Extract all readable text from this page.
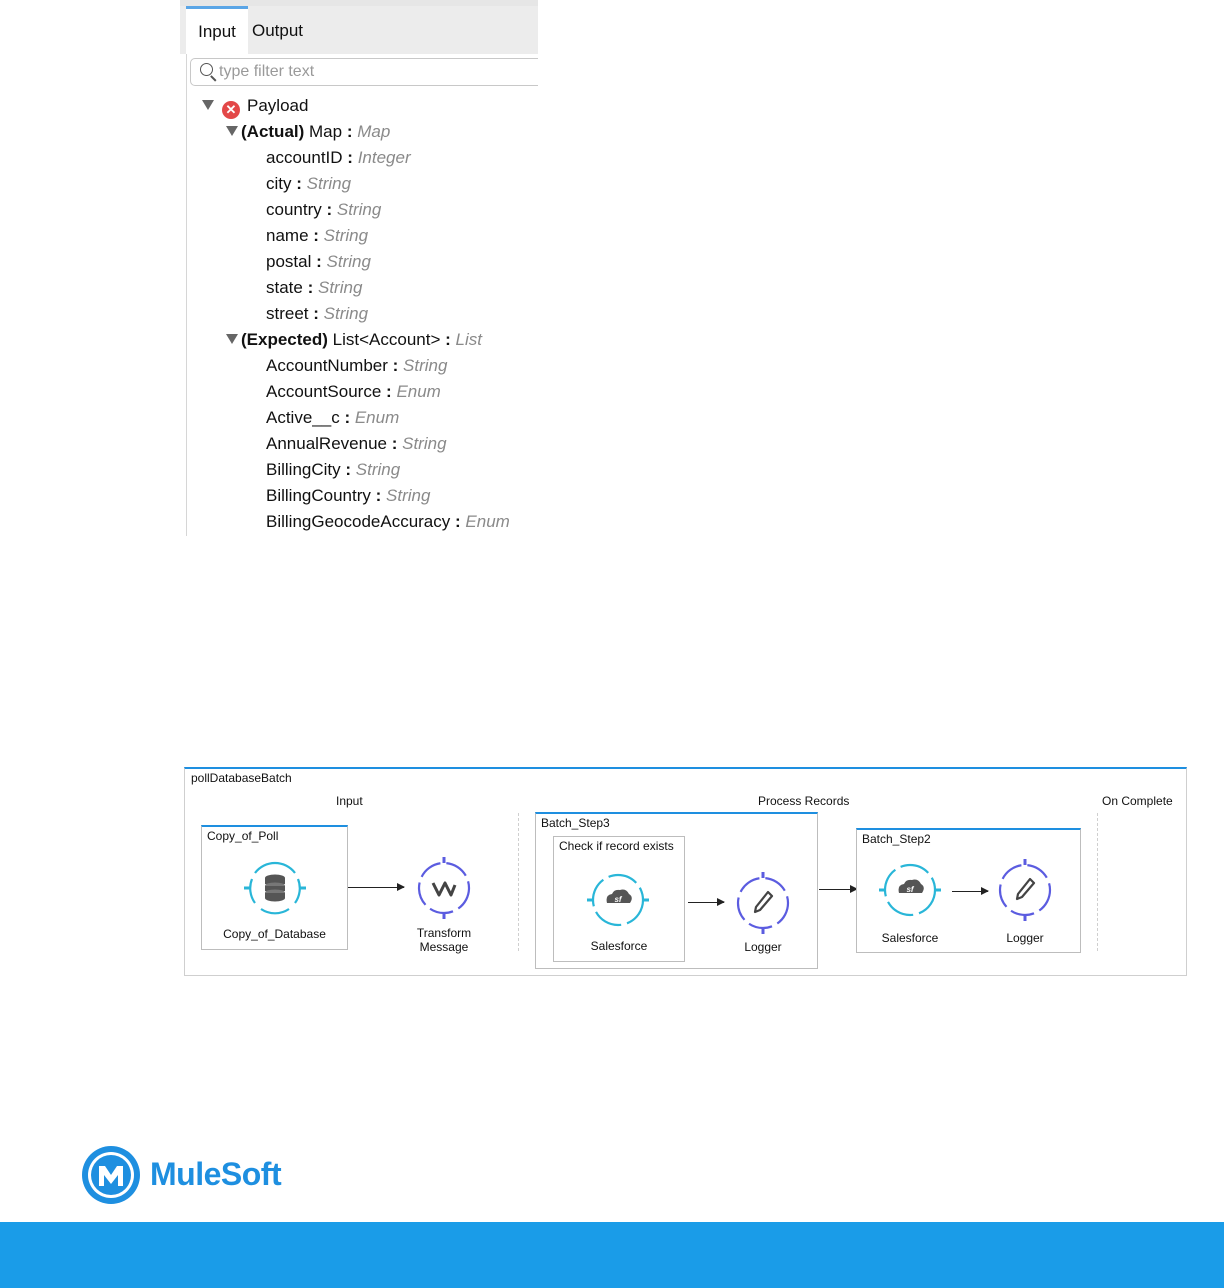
Input Output
type filter text
✕ Payload
(Actual) Map : Map
accountID : Integer
city : String
country : String
name : String
postal : String
state : String
street : String
(Expected) List<Account> : List
AccountNumber : String
AccountSource : Enum
Active__c : Enum
AnnualRevenue : String
BillingCity : String
BillingCountry : String
BillingGeocodeAccuracy : Enum
pollDatabaseBatch
Input	Process Records	On Complete
Copy_of_Poll
Copy_of_Database	Transform
Message
Batch_Step3
Check if record exists
sf
Salesforce	Logger
Batch_Step2
sf
Salesforce	Logger
MuleSoft
